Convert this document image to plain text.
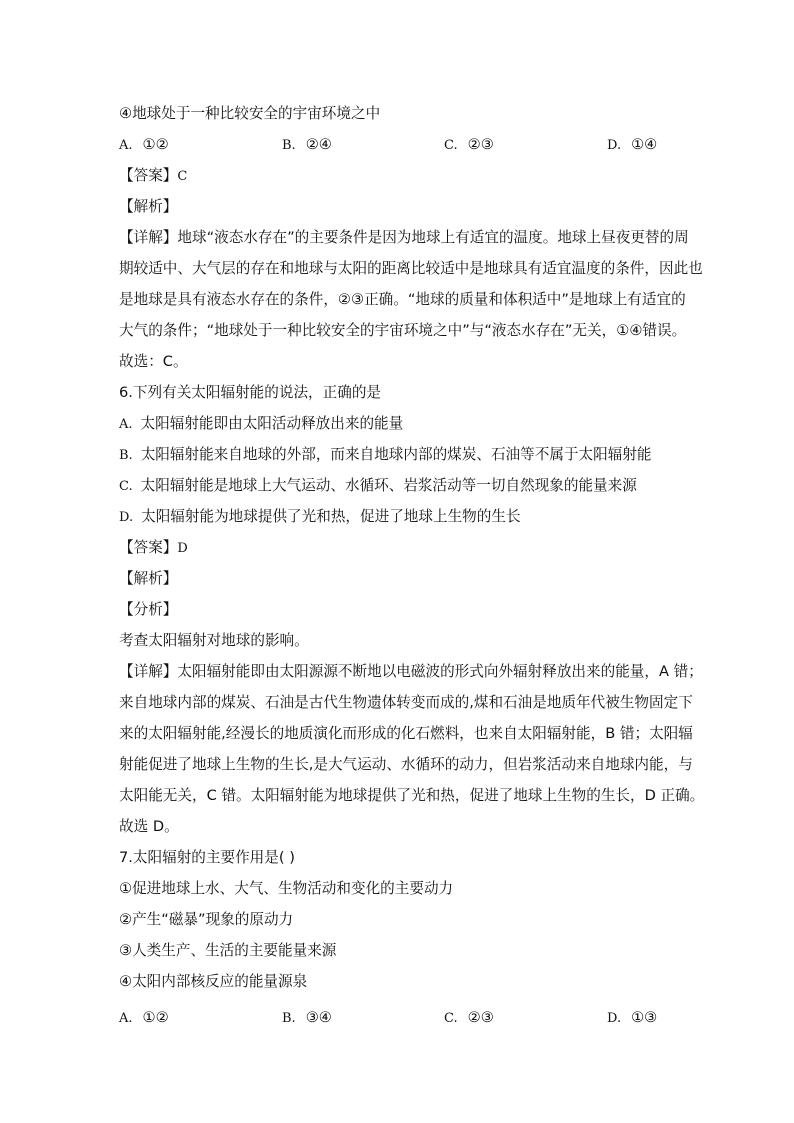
④地球处于一种比较安全的宇宙环境之中
A. ①②	B. ②④	C. ②③	D. ①④
【答案】C
【解析】
【详解】地球“液态水存在”的主要条件是因为地球上有适宜的温度。地球上昼夜更替的周
期较适中、大气层的存在和地球与太阳的距离比较适中是地球具有适宜温度的条件，因此也
是地球是具有液态水存在的条件，②③正确。“地球的质量和体积适中”是地球上有适宜的
大气的条件；“地球处于一种比较安全的宇宙环境之中”与“液态水存在”无关，①④错误。
故选：C。
6.下列有关太阳辐射能的说法，正确的是
A. 太阳辐射能即由太阳活动释放出来的能量
B. 太阳辐射能来自地球的外部，而来自地球内部的煤炭、石油等不属于太阳辐射能
C. 太阳辐射能是地球上大气运动、水循环、岩浆活动等一切自然现象的能量来源
D. 太阳辐射能为地球提供了光和热，促进了地球上生物的生长
【答案】D
【解析】
【分析】
考查太阳辐射对地球的影响。
【详解】太阳辐射能即由太阳源源不断地以电磁波的形式向外辐射释放出来的能量，A 错；
来自地球内部的煤炭、石油是古代生物遗体转变而成的,煤和石油是地质年代被生物固定下
来的太阳辐射能,经漫长的地质演化而形成的化石燃料，也来自太阳辐射能，B 错；太阳辐
射能促进了地球上生物的生长,是大气运动、水循环的动力，但岩浆活动来自地球内能，与
太阳能无关，C 错。太阳辐射能为地球提供了光和热，促进了地球上生物的生长，D 正确。
故选 D。
7.太阳辐射的主要作用是( )
①促进地球上水、大气、生物活动和变化的主要动力
②产生“磁暴”现象的原动力
③人类生产、生活的主要能量来源
④太阳内部核反应的能量源泉
A. ①②	B. ③④	C. ②③	D. ①③
